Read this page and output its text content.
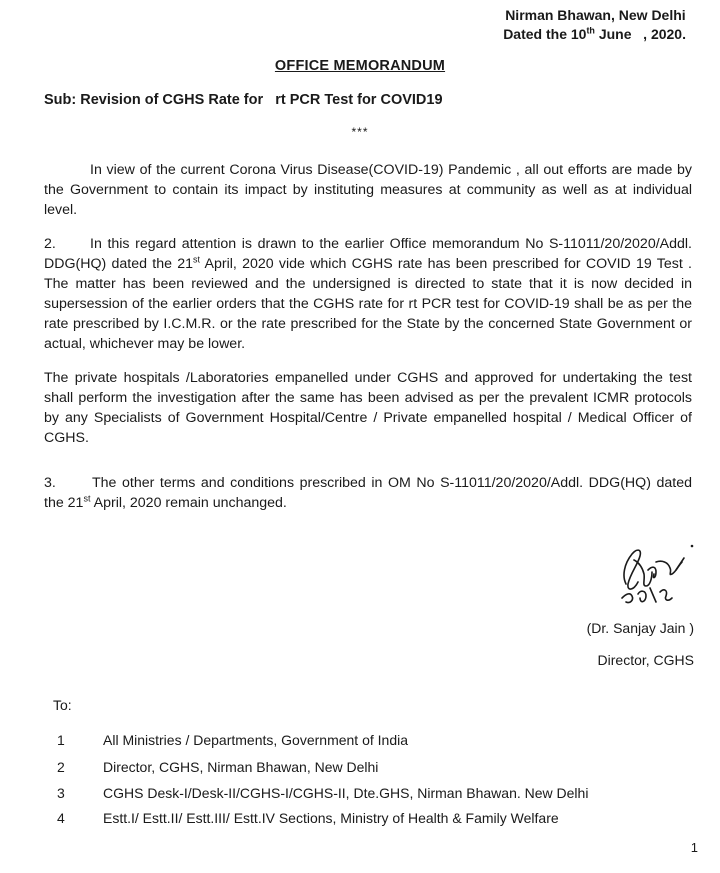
Nirman Bhawan, New Delhi
Dated the 10th June   , 2020.
OFFICE MEMORANDUM
Sub: Revision of CGHS Rate for   rt PCR Test for COVID19
***

In view of the current Corona Virus Disease(COVID-19) Pandemic , all out efforts are made by the Government to contain its impact by instituting measures at community as well as at individual level.

2. In this regard attention is drawn to the earlier Office memorandum No S-11011/20/2020/Addl. DDG(HQ) dated the 21st April, 2020 vide which CGHS rate has been prescribed for COVID 19 Test . The matter has been reviewed and the undersigned is directed to state that it is now decided in supersession of the earlier orders that the CGHS rate for rt PCR test for COVID-19 shall be as per the rate prescribed by I.C.M.R. or the rate prescribed for the State by the concerned State Government or actual, whichever may be lower.

The private hospitals /Laboratories empanelled under CGHS and approved for undertaking the test shall perform the investigation after the same has been advised as per the prevalent ICMR protocols by any Specialists of Government Hospital/Centre / Private empanelled hospital / Medical Officer of CGHS.

3.	The other terms and conditions prescribed in OM No S-11011/20/2020/Addl. DDG(HQ) dated the 21st April, 2020 remain unchanged.

(Dr. Sanjay Jain )
Director, CGHS
To:
1	All Ministries / Departments, Government of India
2	Director, CGHS, Nirman Bhawan, New Delhi
3	CGHS Desk-I/Desk-II/CGHS-I/CGHS-II, Dte.GHS, Nirman Bhawan. New Delhi
4	Estt.I/ Estt.II/ Estt.III/ Estt.IV Sections, Ministry of Health & Family Welfare
1
